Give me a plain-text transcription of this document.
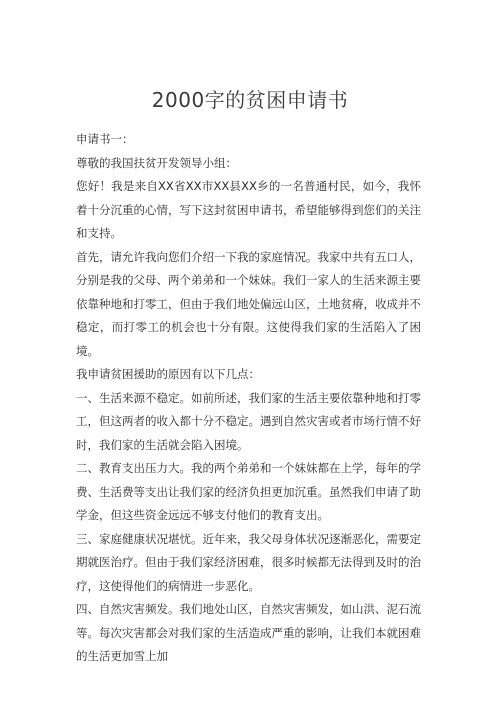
2000字的贫困申请书

申请书一：

尊敬的我国扶贫开发领导小组：

您好！我是来自XX省XX市XX县XX乡的一名普通村民，如今，我怀着十分沉重的心情，写下这封贫困申请书，希望能够得到您们的关注和支持。

首先，请允许我向您们介绍一下我的家庭情况。我家中共有五口人，分别是我的父母、两个弟弟和一个妹妹。我们一家人的生活来源主要依靠种地和打零工，但由于我们地处偏远山区，土地贫瘠，收成并不稳定，而打零工的机会也十分有限。这使得我们家的生活陷入了困境。

我申请贫困援助的原因有以下几点：

一、生活来源不稳定。如前所述，我们家的生活主要依靠种地和打零工，但这两者的收入都十分不稳定。遇到自然灾害或者市场行情不好时，我们家的生活就会陷入困境。

二、教育支出压力大。我的两个弟弟和一个妹妹都在上学，每年的学费、生活费等支出让我们家的经济负担更加沉重。虽然我们申请了助学金，但这些资金远远不够支付他们的教育支出。

三、家庭健康状况堪忧。近年来，我父母身体状况逐渐恶化，需要定期就医治疗。但由于我们家经济困难，很多时候都无法得到及时的治疗，这使得他们的病情进一步恶化。

四、自然灾害频发。我们地处山区，自然灾害频发，如山洪、泥石流等。每次灾害都会对我们家的生活造成严重的影响，让我们本就困难的生活更加雪上加
